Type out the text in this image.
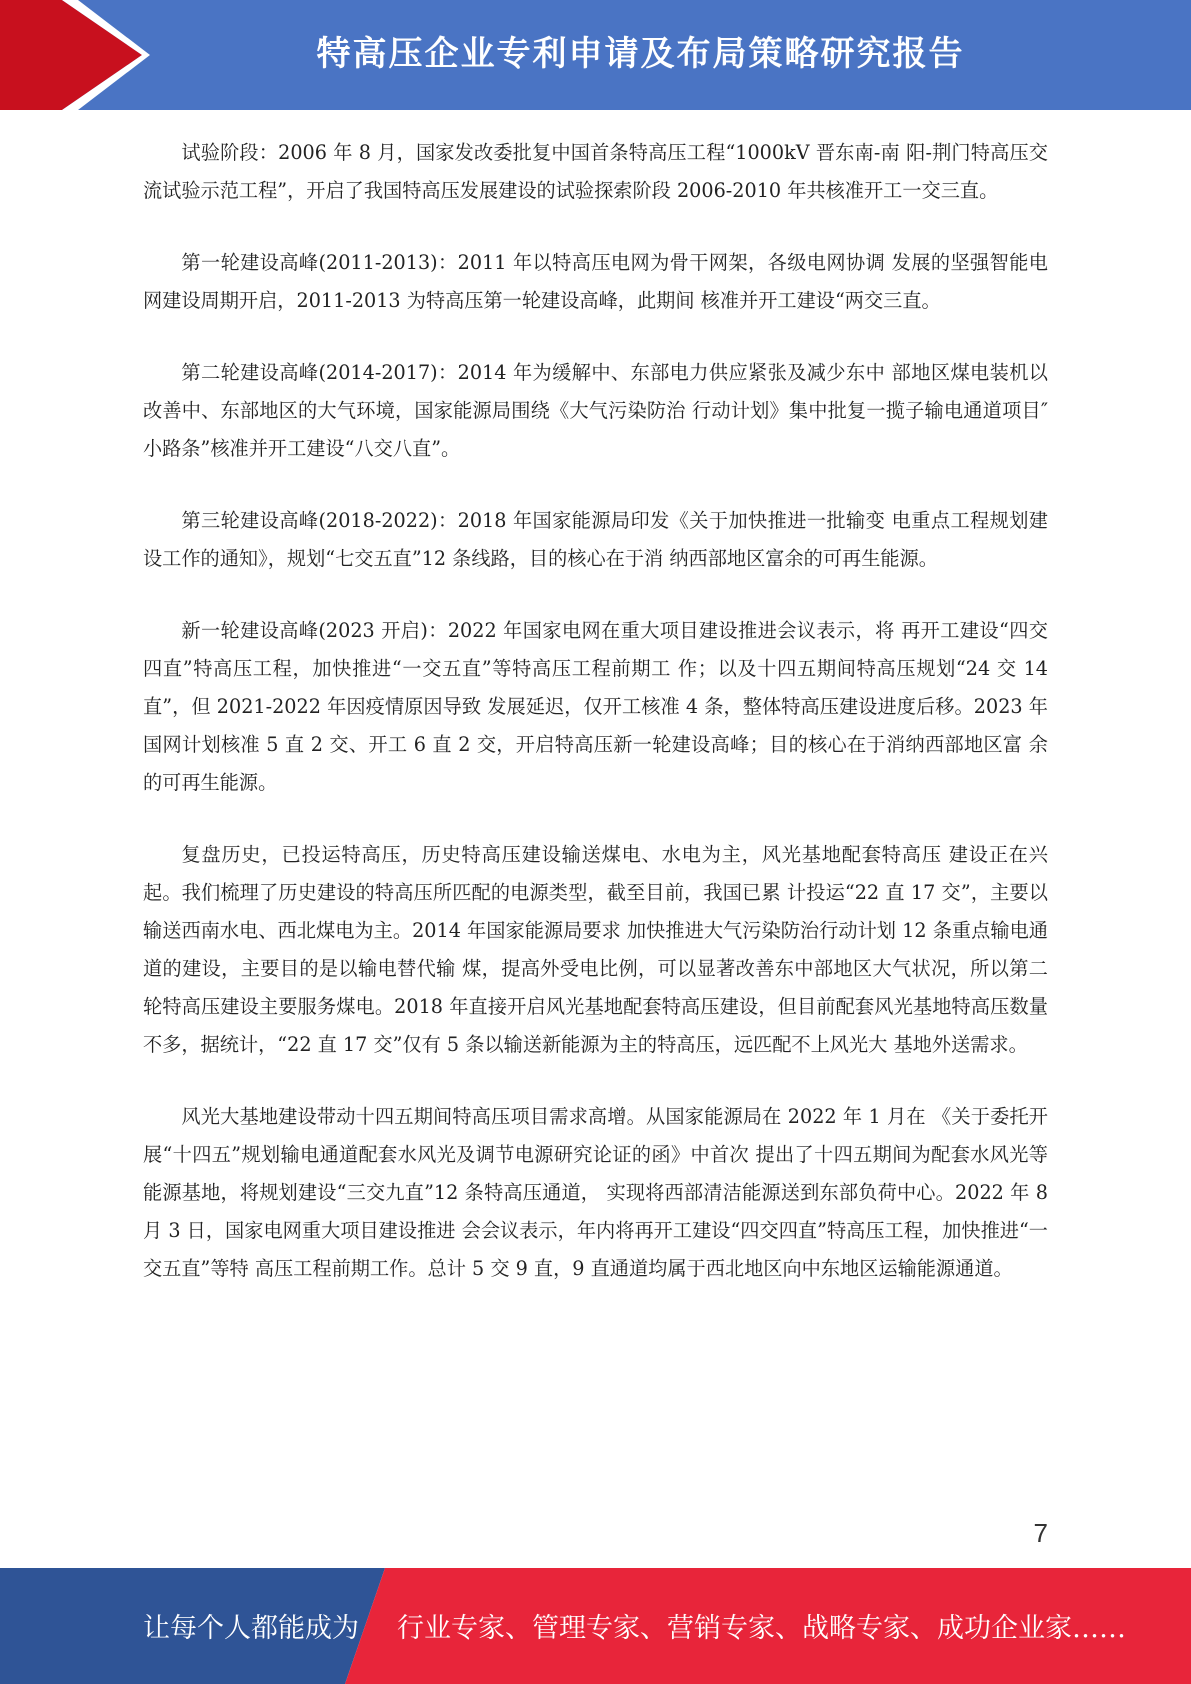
特高压企业专利申请及布局策略研究报告

试验阶段：2006 年 8 月，国家发改委批复中国首条特高压工程“1000kV 晋东南-南 阳-荆门特高压交流试验示范工程”，开启了我国特高压发展建设的试验探索阶段 2006-2010 年共核准开工一交三直。

第一轮建设高峰(2011-2013)：2011 年以特高压电网为骨干网架，各级电网协调 发展的坚强智能电网建设周期开启，2011-2013 为特高压第一轮建设高峰，此期间 核准并开工建设“两交三直。

第二轮建设高峰(2014-2017)：2014 年为缓解中、东部电力供应紧张及减少东中 部地区煤电装机以改善中、东部地区的大气环境，国家能源局围绕《大气污染防治 行动计划》集中批复一揽子输电通道项目″小路条”核准并开工建设“八交八直”。

第三轮建设高峰(2018-2022)：2018 年国家能源局印发《关于加快推进一批输变 电重点工程规划建设工作的通知》，规划“七交五直”12 条线路，目的核心在于消 纳西部地区富余的可再生能源。

新一轮建设高峰(2023 开启)：2022 年国家电网在重大项目建设推进会议表示，将 再开工建设“四交四直”特高压工程，加快推进“一交五直”等特高压工程前期工 作；以及十四五期间特高压规划“24 交 14 直”，但 2021-2022 年因疫情原因导致 发展延迟，仅开工核准 4 条，整体特高压建设进度后移。2023 年国网计划核准 5 直 2 交、开工 6 直 2 交，开启特高压新一轮建设高峰；目的核心在于消纳西部地区富 余的可再生能源。

复盘历史，已投运特高压，历史特高压建设输送煤电、水电为主，风光基地配套特高压 建设正在兴起。我们梳理了历史建设的特高压所匹配的电源类型，截至目前，我国已累 计投运“22 直 17 交”，主要以输送西南水电、西北煤电为主。2014 年国家能源局要求 加快推进大气污染防治行动计划 12 条重点输电通道的建设，主要目的是以输电替代输 煤，提高外受电比例，可以显著改善东中部地区大气状况，所以第二轮特高压建设主要服务煤电。2018 年直接开启风光基地配套特高压建设，但目前配套风光基地特高压数量 不多，据统计，“22 直 17 交”仅有 5 条以输送新能源为主的特高压，远匹配不上风光大 基地外送需求。

风光大基地建设带动十四五期间特高压项目需求高增。从国家能源局在 2022 年 1 月在 《关于委托开展“十四五”规划输电通道配套水风光及调节电源研究论证的函》中首次 提出了十四五期间为配套水风光等能源基地，将规划建设“三交九直”12 条特高压通道， 实现将西部清洁能源送到东部负荷中心。2022 年 8 月 3 日，国家电网重大项目建设推进 会会议表示，年内将再开工建设“四交四直”特高压工程，加快推进“一交五直”等特 高压工程前期工作。总计 5 交 9 直，9 直通道均属于西北地区向中东地区运输能源通道。

7
让每个人都能成为 行业专家、管理专家、营销专家、战略专家、成功企业家……
